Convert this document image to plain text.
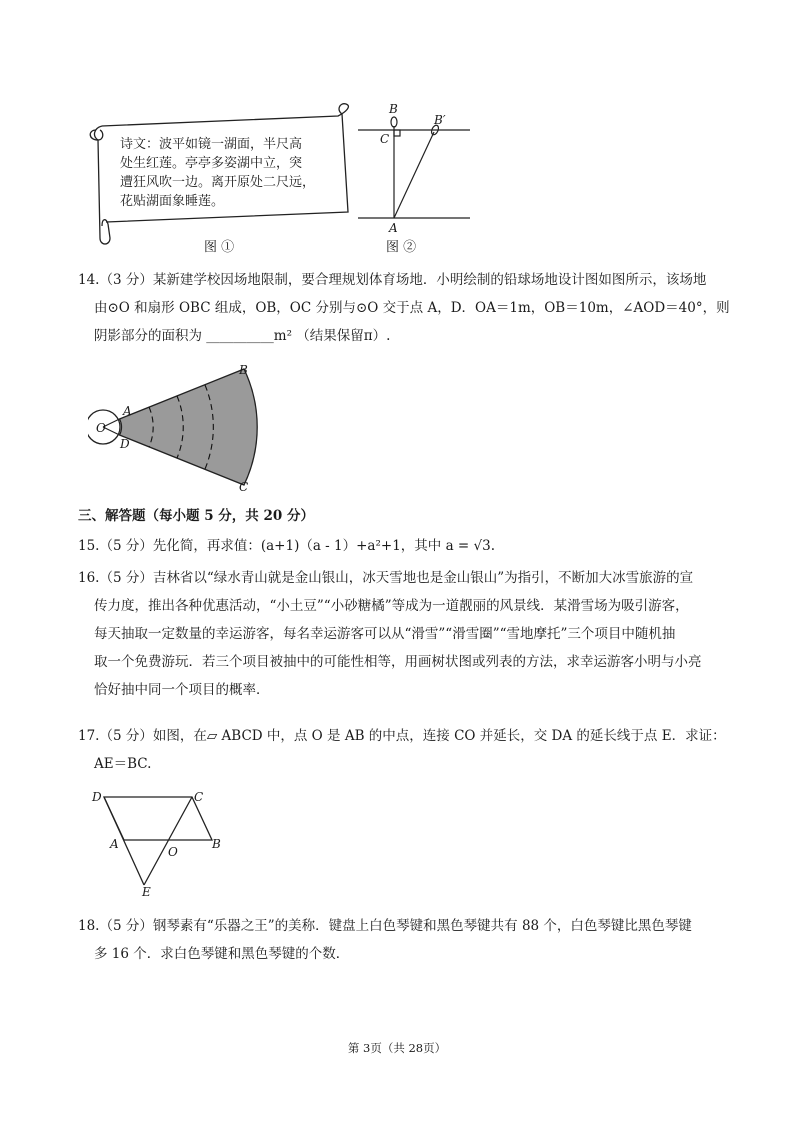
诗文：波平如镜一湖面，半尺高
处生红莲。亭亭多姿湖中立，突
遭狂风吹一边。离开原处二尺远，
花贴湖面象睡莲。
B
B′
C
A
图 ①	图 ②
14.（3 分）某新建学校因场地限制，要合理规划体育场地．小明绘制的铅球场地设计图如图所示，该场地
由⊙O 和扇形 OBC 组成，OB，OC 分别与⊙O 交于点 A，D．OA＝1m，OB＝10m，∠AOD＝40°，则
阴影部分的面积为 __________m² （结果保留π）.
O
A
D
B
C
三、解答题（每小题 5 分，共 20 分）
15.（5 分）先化简，再求值：(a+1)（a - 1）+a²+1，其中 a = √3.
16.（5 分）吉林省以“绿水青山就是金山银山，冰天雪地也是金山银山”为指引，不断加大冰雪旅游的宣
传力度，推出各种优惠活动，“小土豆”“小砂糖橘”等成为一道靓丽的风景线．某滑雪场为吸引游客，
每天抽取一定数量的幸运游客，每名幸运游客可以从“滑雪”“滑雪圈”“雪地摩托”三个项目中随机抽
取一个免费游玩．若三个项目被抽中的可能性相等，用画树状图或列表的方法，求幸运游客小明与小亮
恰好抽中同一个项目的概率．
17.（5 分）如图，在▱ ABCD 中，点 O 是 AB 的中点，连接 CO 并延长，交 DA 的延长线于点 E．求证：
AE＝BC.
D	C
A
O
B
E
18.（5 分）钢琴素有“乐器之王”的美称．键盘上白色琴键和黑色琴键共有 88 个，白色琴键比黑色琴键
多 16 个．求白色琴键和黑色琴键的个数．
第 3页（共 28页）
